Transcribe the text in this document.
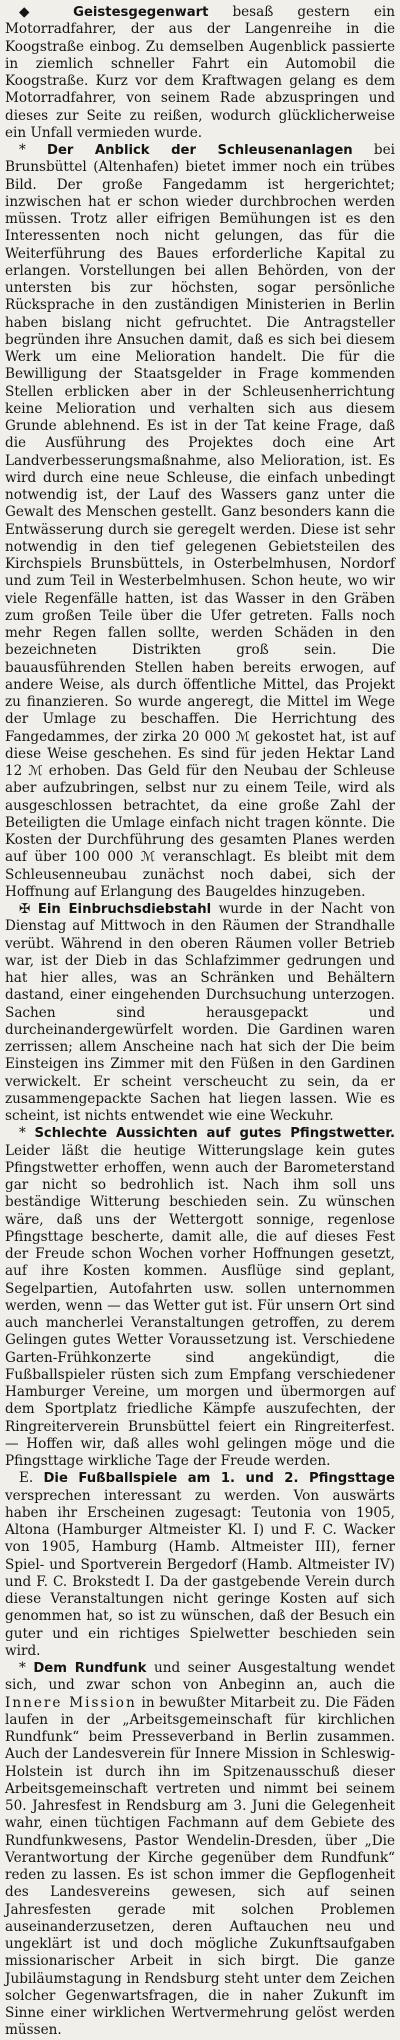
◆ Geistesgegenwart besaß gestern ein Motorradfahrer, der aus der Langenreihe in die Koogstraße einbog. Zu demselben Augenblick passierte in ziemlich schneller Fahrt ein Automobil die Koogstraße. Kurz vor dem Kraftwagen gelang es dem Motorradfahrer, von seinem Rade abzuspringen und dieses zur Seite zu reißen, wodurch glücklicherweise ein Unfall vermieden wurde.

* Der Anblick der Schleusenanlagen bei Brunsbüttel (Altenhafen) bietet immer noch ein trübes Bild. Der große Fangedamm ist hergerichtet; inzwischen hat er schon wieder durchbrochen werden müssen. Trotz aller eifrigen Bemühungen ist es den Interessenten noch nicht gelungen, das für die Weiterführung des Baues erforderliche Kapital zu erlangen. Vorstellungen bei allen Behörden, von der untersten bis zur höchsten, sogar persönliche Rücksprache in den zuständigen Ministerien in Berlin haben bislang nicht gefruchtet. Die Antragsteller begründen ihre Ansuchen damit, daß es sich bei diesem Werk um eine Melioration handelt. Die für die Bewilligung der Staatsgelder in Frage kommenden Stellen erblicken aber in der Schleusenherrichtung keine Melioration und verhalten sich aus diesem Grunde ablehnend. Es ist in der Tat keine Frage, daß die Ausführung des Projektes doch eine Art Landverbesserungsmaßnahme, also Melioration, ist. Es wird durch eine neue Schleuse, die einfach unbedingt notwendig ist, der Lauf des Wassers ganz unter die Gewalt des Menschen gestellt. Ganz besonders kann die Entwässerung durch sie geregelt werden. Diese ist sehr notwendig in den tief gelegenen Gebietsteilen des Kirchspiels Brunsbüttels, in Osterbelmhusen, Nordorf und zum Teil in Westerbelmhusen. Schon heute, wo wir viele Regenfälle hatten, ist das Wasser in den Gräben zum großen Teile über die Ufer getreten. Falls noch mehr Regen fallen sollte, werden Schäden in den bezeichneten Distrikten groß sein. Die bauausführenden Stellen haben bereits erwogen, auf andere Weise, als durch öffentliche Mittel, das Projekt zu finanzieren. So wurde angeregt, die Mittel im Wege der Umlage zu beschaffen. Die Herrichtung des Fangedammes, der zirka 20 000 ℳ gekostet hat, ist auf diese Weise geschehen. Es sind für jeden Hektar Land 12 ℳ erhoben. Das Geld für den Neubau der Schleuse aber aufzubringen, selbst nur zu einem Teile, wird als ausgeschlossen betrachtet, da eine große Zahl der Beteiligten die Umlage einfach nicht tragen könnte. Die Kosten der Durchführung des gesamten Planes werden auf über 100 000 ℳ veranschlagt. Es bleibt mit dem Schleusenneubau zunächst noch dabei, sich der Hoffnung auf Erlangung des Baugeldes hinzugeben.

✠ Ein Einbruchsdiebstahl wurde in der Nacht von Dienstag auf Mittwoch in den Räumen der Strandhalle verübt. Während in den oberen Räumen voller Betrieb war, ist der Dieb in das Schlafzimmer gedrungen und hat hier alles, was an Schränken und Behältern dastand, einer eingehenden Durchsuchung unterzogen. Sachen sind herausgepackt und durcheinandergewürfelt worden. Die Gardinen waren zerrissen; allem Anscheine nach hat sich der Die beim Einsteigen ins Zimmer mit den Füßen in den Gardinen verwickelt. Er scheint verscheucht zu sein, da er zusammengepackte Sachen hat liegen lassen. Wie es scheint, ist nichts entwendet wie eine Weckuhr.

* Schlechte Aussichten auf gutes Pfingstwetter. Leider läßt die heutige Witterungslage kein gutes Pfingstwetter erhoffen, wenn auch der Barometerstand gar nicht so bedrohlich ist. Nach ihm soll uns beständige Witterung beschieden sein. Zu wünschen wäre, daß uns der Wettergott sonnige, regenlose Pfingsttage bescherte, damit alle, die auf dieses Fest der Freude schon Wochen vorher Hoffnungen gesetzt, auf ihre Kosten kommen. Ausflüge sind geplant, Segelpartien, Autofahrten usw. sollen unternommen werden, wenn — das Wetter gut ist. Für unsern Ort sind auch mancherlei Veranstaltungen getroffen, zu derem Gelingen gutes Wetter Voraussetzung ist. Verschiedene Garten-Frühkonzerte sind angekündigt, die Fußballspieler rüsten sich zum Empfang verschiedener Hamburger Vereine, um morgen und übermorgen auf dem Sportplatz friedliche Kämpfe auszufechten, der Ringreiterverein Brunsbüttel feiert ein Ringreiterfest. — Hoffen wir, daß alles wohl gelingen möge und die Pfingsttage wirkliche Tage der Freude werden.

E. Die Fußballspiele am 1. und 2. Pfingsttage versprechen interessant zu werden. Von auswärts haben ihr Erscheinen zugesagt: Teutonia von 1905, Altona (Hamburger Altmeister Kl. I) und F. C. Wacker von 1905, Hamburg (Hamb. Altmeister III), ferner Spiel- und Sportverein Bergedorf (Hamb. Altmeister IV) und F. C. Brokstedt I. Da der gastgebende Verein durch diese Veranstaltungen nicht geringe Kosten auf sich genommen hat, so ist zu wünschen, daß der Besuch ein guter und ein richtiges Spielwetter beschieden sein wird.

* Dem Rundfunk und seiner Ausgestaltung wendet sich, und zwar schon von Anbeginn an, auch die Innere Mission in bewußter Mitarbeit zu. Die Fäden laufen in der „Arbeitsgemeinschaft für kirchlichen Rundfunk“ beim Presseverband in Berlin zusammen. Auch der Landesverein für Innere Mission in Schleswig-Holstein ist durch ihn im Spitzenausschuß dieser Arbeitsgemeinschaft vertreten und nimmt bei seinem 50. Jahresfest in Rendsburg am 3. Juni die Gelegenheit wahr, einen tüchtigen Fachmann auf dem Gebiete des Rundfunkwesens, Pastor Wendelin-Dresden, über „Die Verantwortung der Kirche gegenüber dem Rundfunk“ reden zu lassen. Es ist schon immer die Gepflogenheit des Landesvereins gewesen, sich auf seinen Jahresfesten gerade mit solchen Problemen auseinanderzusetzen, deren Auftauchen neu und ungeklärt ist und doch mögliche Zukunftsaufgaben missionarischer Arbeit in sich birgt. Die ganze Jubiläumstagung in Rendsburg steht unter dem Zeichen solcher Gegenwartsfragen, die in naher Zukunft im Sinne einer wirklichen Wertvermehrung gelöst werden müssen.
